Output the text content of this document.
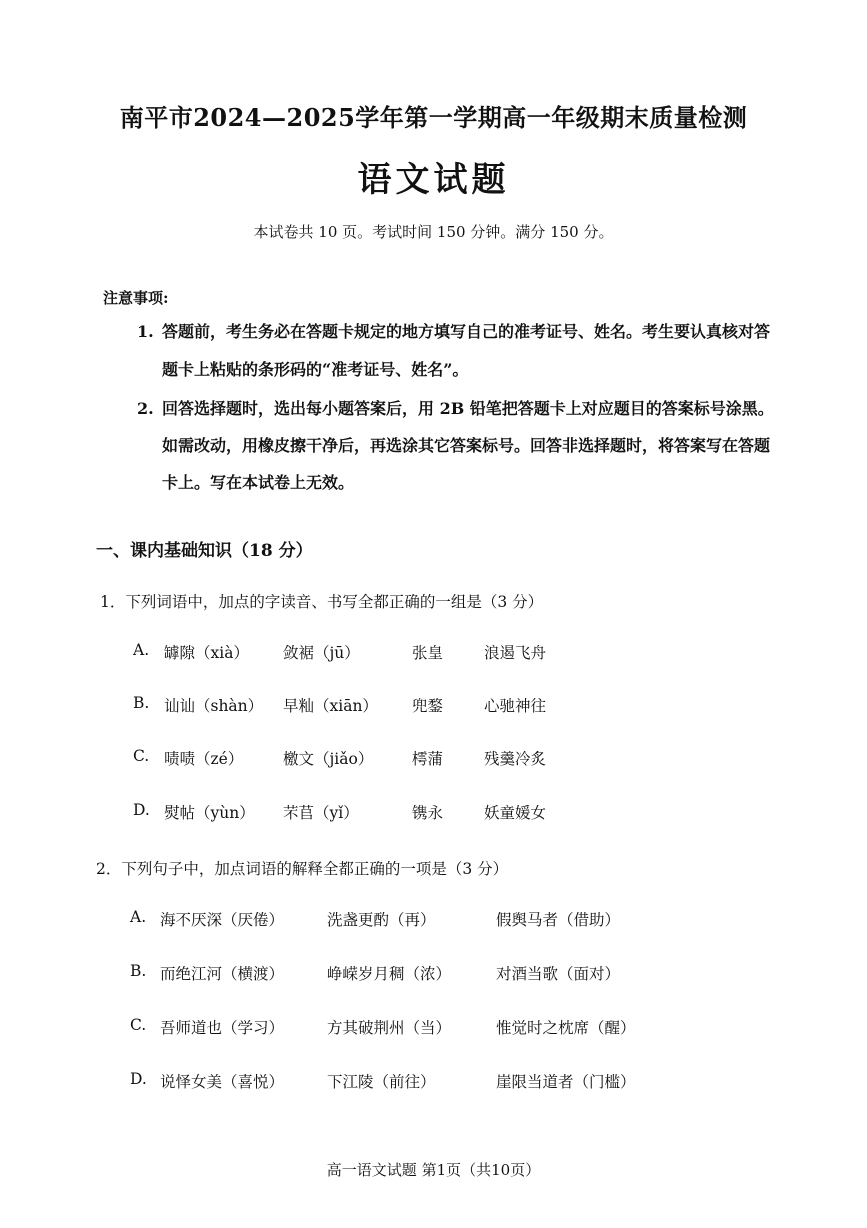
南平市2024—2025学年第一学期高一年级期末质量检测
语文试题
本试卷共 10 页。考试时间 150 分钟。满分 150 分。
注意事项:
1. 答题前，考生务必在答题卡规定的地方填写自己的准考证号、姓名。考生要认真核对答
题卡上粘贴的条形码的“准考证号、姓名”。
2. 回答选择题时，选出每小题答案后，用 2B 铅笔把答题卡上对应题目的答案标号涂黑。
如需改动，用橡皮擦干净后，再选涂其它答案标号。回答非选择题时，将答案写在答题
卡上。写在本试卷上无效。
一、课内基础知识（18 分）
1．下列词语中，加点的字读音、书写全都正确的一组是（3 分）
A. 罅隙（xià） 敛裾（jū）	张皇	浪遏飞舟
B. 讪讪（shàn） 早籼（xiān） 兜鍪	心驰神往
C. 啧啧（zé）	檄文（jiǎo） 樗蒲	残羹冷炙
D. 熨帖（yùn） 芣苢（yǐ）	镌永	妖童媛女
2．下列句子中，加点词语的解释全都正确的一项是（3 分）
A. 海不厌深（厌倦）	洗盏更酌（再）	假舆马者（借助）
B. 而绝江河（横渡）	峥嵘岁月稠（浓）	对酒当歌（面对）
C. 吾师道也（学习）	方其破荆州（当）	惟觉时之枕席（醒）
D. 说怿女美（喜悦）	下江陵（前往）	崖限当道者（门槛）
高一语文试题 第1页（共10页）
